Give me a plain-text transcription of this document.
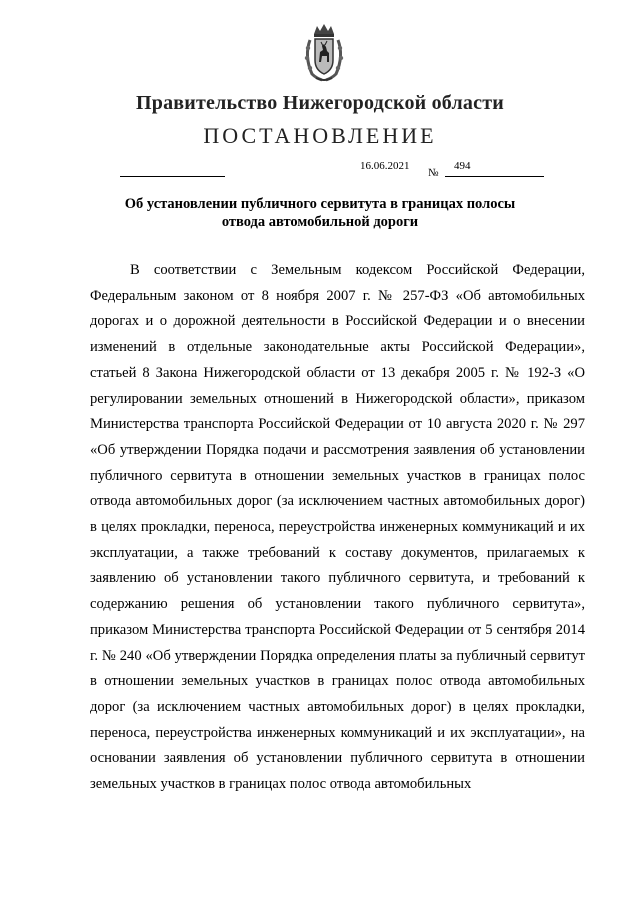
Правительство Нижегородской области
ПОСТАНОВЛЕНИЕ
16.06.2021
№
494
Об установлении публичного сервитута в границах полосы
отвода автомобильной дороги

В соответствии с Земельным кодексом Российской Федерации, Федеральным законом от 8 ноября 2007 г. № 257-ФЗ «Об автомобильных дорогах и о дорожной деятельности в Российской Федерации и о внесении изменений в отдельные законодательные акты Российской Федерации», статьей 8 Закона Нижегородской области от 13 декабря 2005 г. № 192-З «О регулировании земельных отношений в Нижегородской области», приказом Министерства транспорта Российской Федерации от 10 августа 2020 г. № 297 «Об утверждении Порядка подачи и рассмотрения заявления об установлении публичного сервитута в отношении земельных участков в границах полос отвода автомобильных дорог (за исключением частных автомобильных дорог) в целях прокладки, переноса, переустройства инженерных коммуникаций и их эксплуатации, а также требований к составу документов, прилагаемых к заявлению об установлении такого публичного сервитута, и требований к содержанию решения об установлении такого публичного сервитута», приказом Министерства транспорта Российской Федерации от 5 сентября 2014 г. № 240 «Об утверждении Порядка определения платы за публичный сервитут в отношении земельных участков в границах полос отвода автомобильных дорог (за исключением частных автомобильных дорог) в целях прокладки, переноса, переустройства инженерных коммуникаций и их эксплуатации», на основании заявления об установлении публичного сервитута в отношении земельных участков в границах полос отвода автомобильных
